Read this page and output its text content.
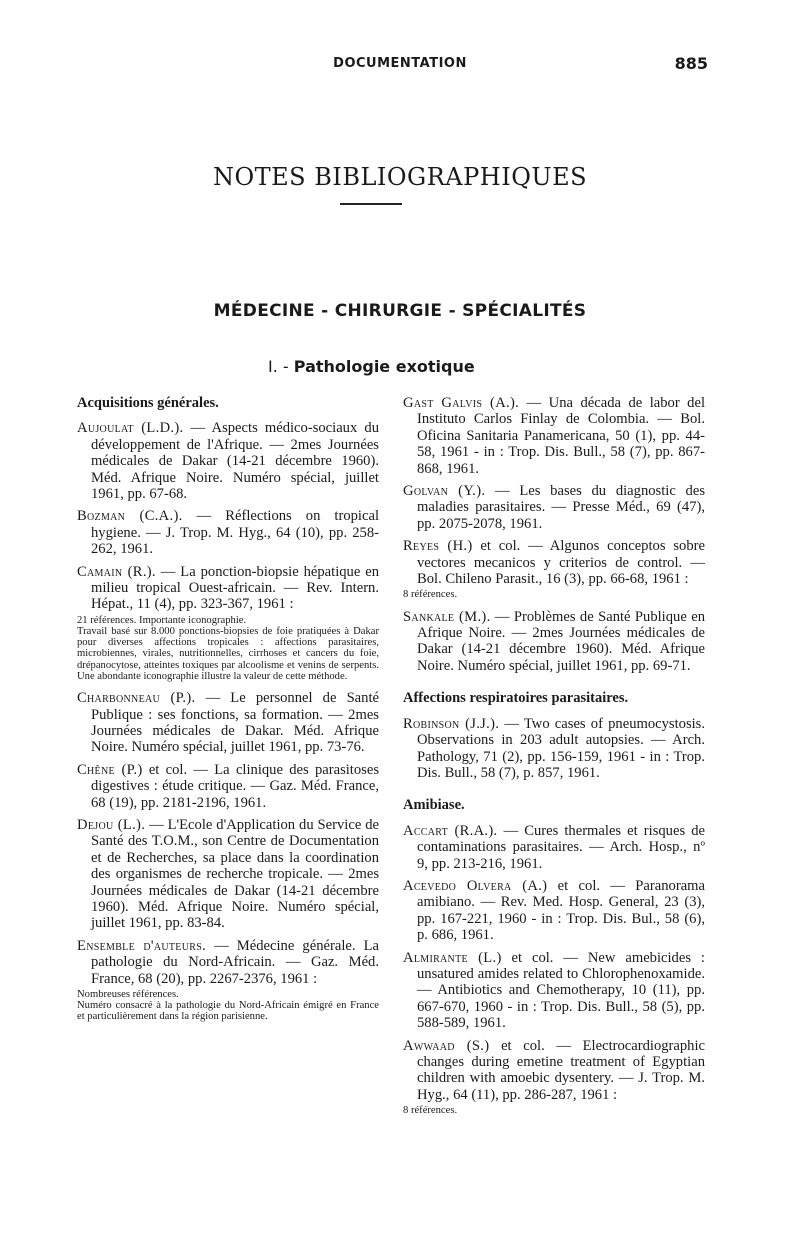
DOCUMENTATION	885
NOTES BIBLIOGRAPHIQUES
MÉDECINE - CHIRURGIE - SPÉCIALITÉS
I. - Pathologie exotique
Acquisitions générales.

Aujoulat (L.D.). — Aspects médico-sociaux du développement de l'Afrique. — 2mes Journées médicales de Dakar (14-21 décembre 1960). Méd. Afrique Noire. Numéro spécial, juillet 1961, pp. 67-68.

Bozman (C.A.). — Réflections on tropical hygiene. — J. Trop. M. Hyg., 64 (10), pp. 258-262, 1961.

Camain (R.). — La ponction-biopsie hépatique en milieu tropical Ouest-africain. — Rev. Intern. Hépat., 11 (4), pp. 323-367, 1961 :

21 références. Importante iconographie.
Travail basé sur 8.000 ponctions-biopsies de foie pratiquées à Dakar pour diverses affections tropicales : affections parasitaires, microbiennes, virales, nutritionnelles, cirrhoses et cancers du foie, drépanocytose, atteintes toxiques par alcoolisme et venins de serpents. Une abondante iconographie illustre la valeur de cette méthode.

Charbonneau (P.). — Le personnel de Santé Publique : ses fonctions, sa formation. — 2mes Journées médicales de Dakar. Méd. Afrique Noire. Numéro spécial, juillet 1961, pp. 73-76.

Chêne (P.) et col. — La clinique des parasitoses digestives : étude critique. — Gaz. Méd. France, 68 (19), pp. 2181-2196, 1961.

Dejou (L.). — L'Ecole d'Application du Service de Santé des T.O.M., son Centre de Documentation et de Recherches, sa place dans la coordination des organismes de recherche tropicale. — 2mes Journées médicales de Dakar (14-21 décembre 1960). Méd. Afrique Noire. Numéro spécial, juillet 1961, pp. 83-84.

Ensemble d'auteurs. — Médecine générale. La pathologie du Nord-Africain. — Gaz. Méd. France, 68 (20), pp. 2267-2376, 1961 :

Nombreuses références.
Numéro consacré à la pathologie du Nord-Africain émigré en France et particulièrement dans la région parisienne.

Gast Galvis (A.). — Una década de labor del Instituto Carlos Finlay de Colombia. — Bol. Oficina Sanitaria Panamericana, 50 (1), pp. 44-58, 1961 - in : Trop. Dis. Bull., 58 (7), pp. 867-868, 1961.

Golvan (Y.). — Les bases du diagnostic des maladies parasitaires. — Presse Méd., 69 (47), pp. 2075-2078, 1961.

Reyes (H.) et col. — Algunos conceptos sobre vectores mecanicos y criterios de control. — Bol. Chileno Parasit., 16 (3), pp. 66-68, 1961 :

8 références.

Sankale (M.). — Problèmes de Santé Publique en Afrique Noire. — 2mes Journées médicales de Dakar (14-21 décembre 1960). Méd. Afrique Noire. Numéro spécial, juillet 1961, pp. 69-71.

Affections respiratoires parasitaires.

Robinson (J.J.). — Two cases of pneumocystosis. Observations in 203 adult autopsies. — Arch. Pathology, 71 (2), pp. 156-159, 1961 - in : Trop. Dis. Bull., 58 (7), p. 857, 1961.

Amibiase.

Accart (R.A.). — Cures thermales et risques de contaminations parasitaires. — Arch. Hosp., nº 9, pp. 213-216, 1961.

Acevedo Olvera (A.) et col. — Paranorama amibiano. — Rev. Med. Hosp. General, 23 (3), pp. 167-221, 1960 - in : Trop. Dis. Bul., 58 (6), p. 686, 1961.

Almirante (L.) et col. — New amebicides : unsatured amides related to Chlorophenoxamide. — Antibiotics and Chemotherapy, 10 (11), pp. 667-670, 1960 - in : Trop. Dis. Bull., 58 (5), pp. 588-589, 1961.

Awwaad (S.) et col. — Electrocardiographic changes during emetine treatment of Egyptian children with amoebic dysentery. — J. Trop. M. Hyg., 64 (11), pp. 286-287, 1961 :

8 références.
